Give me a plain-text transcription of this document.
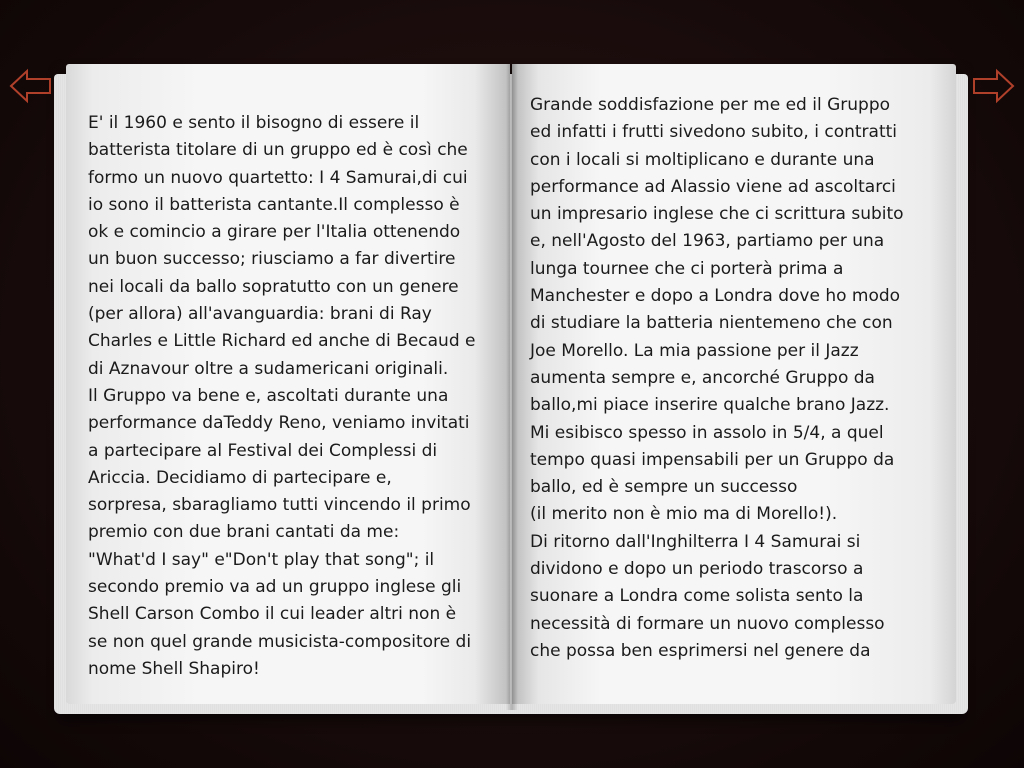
E' il 1960 e sento il bisogno di essere il
batterista titolare di un gruppo ed è così che
formo un nuovo quartetto: I 4 Samurai,di cui
io sono il batterista cantante.Il complesso è
ok e comincio a girare per l'Italia ottenendo
un buon successo; riusciamo a far divertire
nei locali da ballo sopratutto con un genere
(per allora) all'avanguardia: brani di Ray
Charles e Little Richard ed anche di Becaud e
di Aznavour oltre a sudamericani originali.
Il Gruppo va bene e, ascoltati durante una
performance daTeddy Reno, veniamo invitati
a partecipare al Festival dei Complessi di
Ariccia. Decidiamo di partecipare e,
sorpresa, sbaragliamo tutti vincendo il primo
premio con due brani cantati da me:
"What'd I say" e"Don't play that song"; il
secondo premio va ad un gruppo inglese gli
Shell Carson Combo il cui leader altri non è
se non quel grande musicista-compositore di
nome Shell Shapiro!

Grande soddisfazione per me ed il Gruppo
ed infatti i frutti sivedono subito, i contratti
con i locali si moltiplicano e durante una
performance ad Alassio viene ad ascoltarci
un impresario inglese che ci scrittura subito
e, nell'Agosto del 1963, partiamo per una
lunga tournee che ci porterà prima a
Manchester e dopo a Londra dove ho modo
di studiare la batteria nientemeno che con
Joe Morello. La mia passione per il Jazz
aumenta sempre e, ancorché Gruppo da
ballo,mi piace inserire qualche brano Jazz.
Mi esibisco spesso in assolo in 5/4, a quel
tempo quasi impensabili per un Gruppo da
ballo, ed è sempre un successo
(il merito non è mio ma di Morello!).
Di ritorno dall'Inghilterra I 4 Samurai si
dividono e dopo un periodo trascorso a
suonare a Londra come solista sento la
necessità di formare un nuovo complesso
che possa ben esprimersi nel genere da
